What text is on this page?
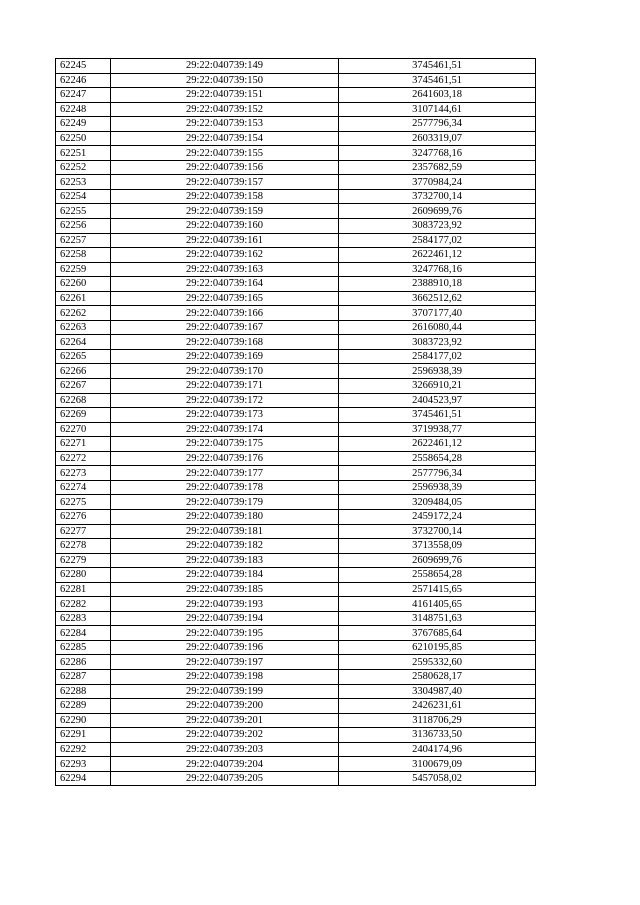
62245	29:22:040739:149	3745461,51
62246	29:22:040739:150	3745461,51
62247	29:22:040739:151	2641603,18
62248	29:22:040739:152	3107144,61
62249	29:22:040739:153	2577796,34
62250	29:22:040739:154	2603319,07
62251	29:22:040739:155	3247768,16
62252	29:22:040739:156	2357682,59
62253	29:22:040739:157	3770984,24
62254	29:22:040739:158	3732700,14
62255	29:22:040739:159	2609699,76
62256	29:22:040739:160	3083723,92
62257	29:22:040739:161	2584177,02
62258	29:22:040739:162	2622461,12
62259	29:22:040739:163	3247768,16
62260	29:22:040739:164	2388910,18
62261	29:22:040739:165	3662512,62
62262	29:22:040739:166	3707177,40
62263	29:22:040739:167	2616080,44
62264	29:22:040739:168	3083723,92
62265	29:22:040739:169	2584177,02
62266	29:22:040739:170	2596938,39
62267	29:22:040739:171	3266910,21
62268	29:22:040739:172	2404523,97
62269	29:22:040739:173	3745461,51
62270	29:22:040739:174	3719938,77
62271	29:22:040739:175	2622461,12
62272	29:22:040739:176	2558654,28
62273	29:22:040739:177	2577796,34
62274	29:22:040739:178	2596938,39
62275	29:22:040739:179	3209484,05
62276	29:22:040739:180	2459172,24
62277	29:22:040739:181	3732700,14
62278	29:22:040739:182	3713558,09
62279	29:22:040739:183	2609699,76
62280	29:22:040739:184	2558654,28
62281	29:22:040739:185	2571415,65
62282	29:22:040739:193	4161405,65
62283	29:22:040739:194	3148751,63
62284	29:22:040739:195	3767685,64
62285	29:22:040739:196	6210195,85
62286	29:22:040739:197	2595332,60
62287	29:22:040739:198	2580628,17
62288	29:22:040739:199	3304987,40
62289	29:22:040739:200	2426231,61
62290	29:22:040739:201	3118706,29
62291	29:22:040739:202	3136733,50
62292	29:22:040739:203	2404174,96
62293	29:22:040739:204	3100679,09
62294	29:22:040739:205	5457058,02
